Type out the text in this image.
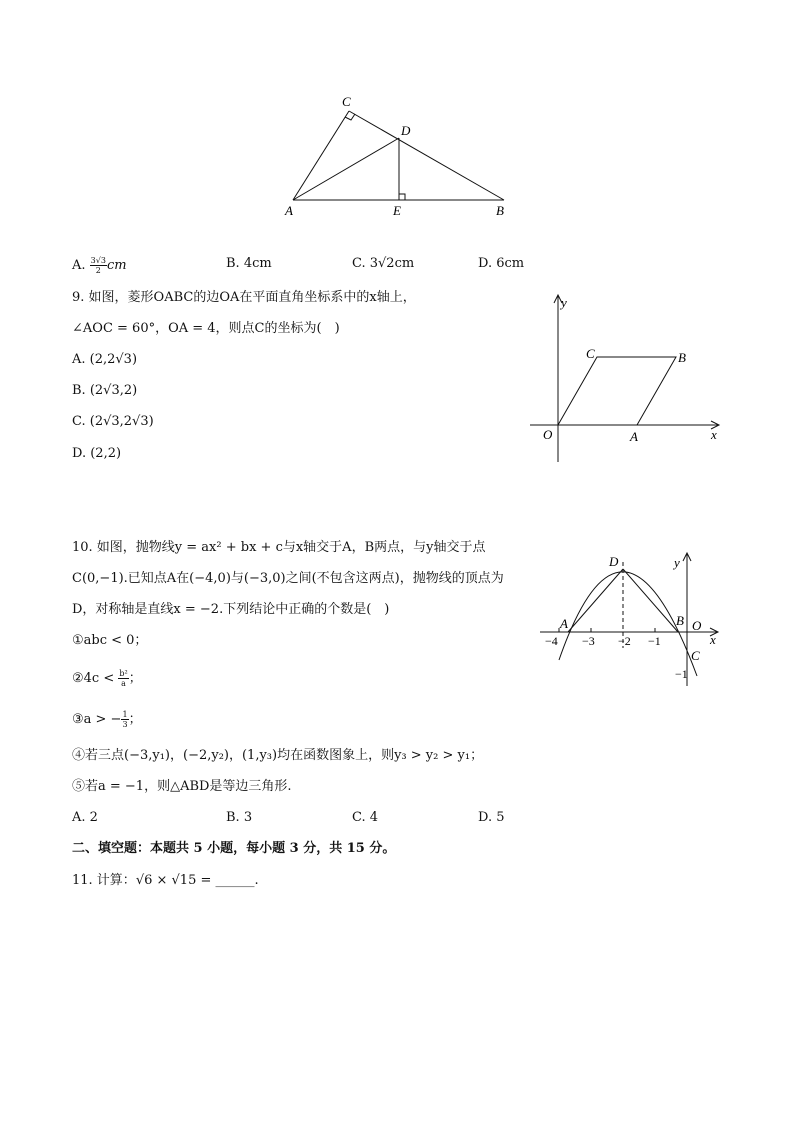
C
D
A	E	B
A. $\frac{3√3}{2}$ cm	B. 4cm	C. 3√2cm	D. 6cm
9. 如图，菱形OABC的边OA在平面直角坐标系中的x轴上，
∠AOC = 60°，OA = 4，则点C的坐标为(　)
A. (2,2√3)
B. (2√3,2)
C. (2√3,2√3)
D. (2,2)
y
x
O	A
B
C
10. 如图，抛物线y = ax² + bx + c与x轴交于A，B两点，与y轴交于点
C(0,−1).已知点A在(−4,0)与(−3,0)之间(不包含这两点)，抛物线的顶点为
D，对称轴是直线x = −2.下列结论中正确的个数是(　)
①abc < 0；
②4c < $\frac{\text{b²}}{a}$ ；
③a > − $\frac{1}{3}$ ；
④若三点(−3,y₁)，(−2,y₂)，(1,y₃)均在函数图象上，则y₃ > y₂ > y₁；
⑤若a = −1，则△ABD是等边三角形.
A. 2	B. 3	C. 4	D. 5
D	y
A	B O
x
C
−4 −3 −2 −1
−1
二、填空题：本题共 5 小题，每小题 3 分，共 15 分。
11. 计算：√6 × √15 = ______.
